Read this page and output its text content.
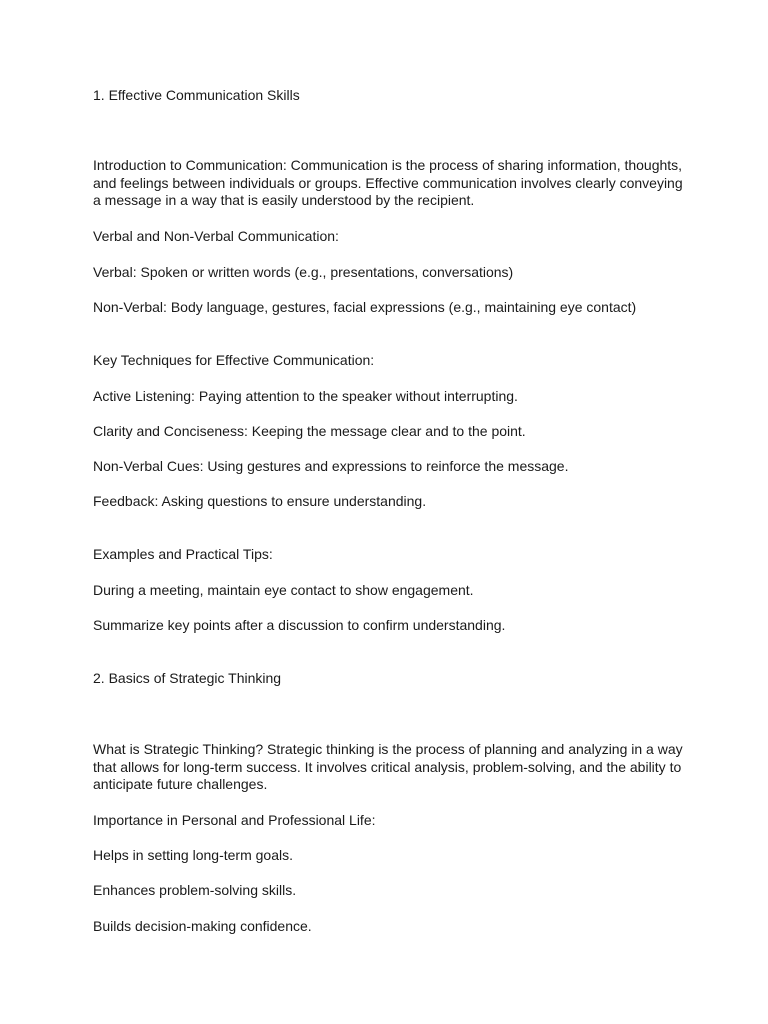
1. Effective Communication Skills

Introduction to Communication: Communication is the process of sharing information, thoughts, and feelings between individuals or groups. Effective communication involves clearly conveying a message in a way that is easily understood by the recipient.

Verbal and Non-Verbal Communication:

Verbal: Spoken or written words (e.g., presentations, conversations)

Non-Verbal: Body language, gestures, facial expressions (e.g., maintaining eye contact)

Key Techniques for Effective Communication:

Active Listening: Paying attention to the speaker without interrupting.

Clarity and Conciseness: Keeping the message clear and to the point.

Non-Verbal Cues: Using gestures and expressions to reinforce the message.

Feedback: Asking questions to ensure understanding.

Examples and Practical Tips:

During a meeting, maintain eye contact to show engagement.

Summarize key points after a discussion to confirm understanding.

2. Basics of Strategic Thinking

What is Strategic Thinking? Strategic thinking is the process of planning and analyzing in a way that allows for long-term success. It involves critical analysis, problem-solving, and the ability to anticipate future challenges.

Importance in Personal and Professional Life:

Helps in setting long-term goals.

Enhances problem-solving skills.

Builds decision-making confidence.
